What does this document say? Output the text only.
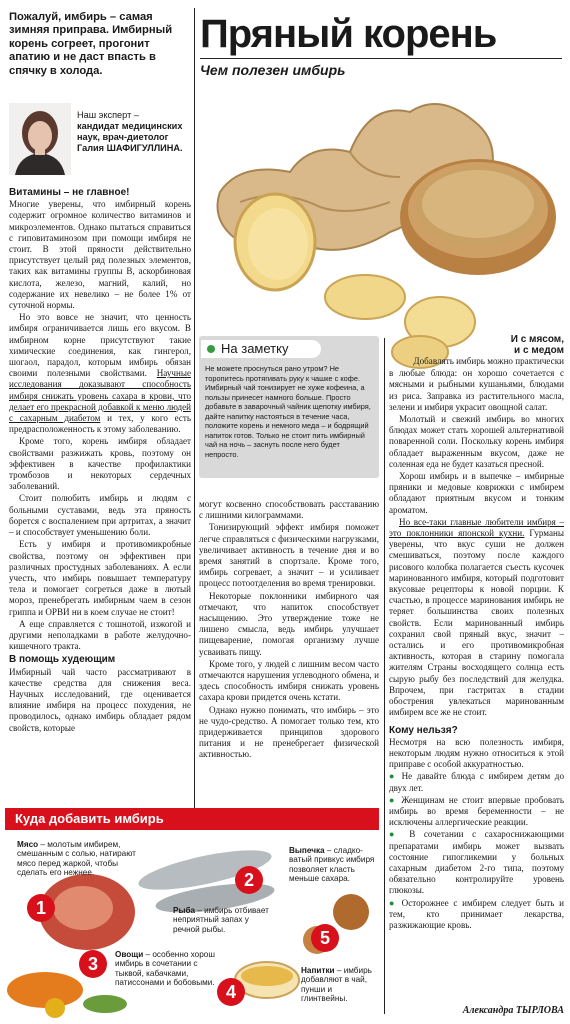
Пожалуй, имбирь – самая зимняя приправа. Имбирный корень согреет, прогонит апатию и не даст впасть в спячку в холода.
Пряный корень
Чем полезен имбирь
Наш эксперт –
кандидат медицинских наук, врач-диетолог
Галия ШАФИГУЛЛИНА.
Витамины – не главное!

Многие уверены, что имбирный корень содержит огромное количество витаминов и микроэлементов. Однако пытаться справиться с гиповитаминозом при помощи имбиря не стоит. В этой пряности действительно присутствует целый ряд полезных элементов, таких как витамины группы B, аскорбиновая кислота, железо, магний, калий, но содержание их невелико – не более 1% от суточной нормы.

Но это вовсе не значит, что ценность имбиря ограничивается лишь его вкусом. В имбирном корне присутствуют такие химические соединения, как гингерол, шогаол, парадол, которым имбирь обязан своими полезными свойствами. Научные исследования доказывают способность имбиря снижать уровень сахара в крови, что делает его прекрасной добавкой к меню людей с сахарным диабетом и тех, у кого есть предрасположенность к этому заболеванию.

Кроме того, корень имбиря обладает свойствами разжижать кровь, поэтому он эффективен в качестве профилактики тромбозов и некоторых сердечных заболеваний.

Стоит полюбить имбирь и людям с больными суставами, ведь эта пряность борется с воспалением при артритах, а значит – и способствует уменьшению боли.

Есть у имбиря и противомикробные свойства, поэтому он эффективен при различных простудных заболеваниях. А если учесть, что имбирь повышает температуру тела и помогает согреться даже в лютый мороз, пренебрегать имбирным чаем в сезон гриппа и ОРВИ ни в коем случае не стоит!

А еще справляется с тошнотой, изжогой и другими неполадками в работе желудочно-кишечного тракта.

В помощь худеющим

Имбирный чай часто рассматривают в качестве средства для снижения веса. Научных исследований, где оценивается влияние имбиря на процесс похудения, не проводилось, однако имбирь обладает рядом свойств, которые

На заметку
Не можете проснуться рано утром? Не торопитесь протягивать руку к чашке с кофе. Имбирный чай тонизирует не хуже кофеина, а пользы принесет намного больше. Просто добавьте в заварочный чайник щепотку имбиря, дайте напитку настояться в течение часа, положите корень и немного меда – и бодрящий напиток готов. Только не стоит пить имбирный чай на ночь – заснуть после него будет непросто.

могут косвенно способствовать расставанию с лишними килограммами.

Тонизирующий эффект имбиря поможет легче справляться с физическими нагрузками, увеличивает активность в течение дня и во время занятий в спортзале. Кроме того, имбирь согревает, а значит – и усиливает процесс потоотделения во время тренировки.

Некоторые поклонники имбирного чая отмечают, что напиток способствует насыщению. Это утверждение тоже не лишено смысла, ведь имбирь улучшает пищеварение, помогая организму лучше усваивать пищу.

Кроме того, у людей с лишним весом часто отмечаются нарушения углеводного обмена, и здесь способность имбиря снижать уровень сахара крови придется очень кстати.

Однако нужно понимать, что имбирь – это не чудо-средство. А помогает только тем, кто придерживается принципов здорового питания и не пренебрегает физической активностью.

И с мясом,
и с медом

Добавлять имбирь можно практически

в любые блюда: он хорошо сочетается с мясными и рыбными кушаньями, блюдами из риса. Заправка из растительного масла, зелени и имбиря украсит овощной салат.

Молотый и свежий имбирь во многих блюдах может стать хорошей альтернативой поваренной соли. Поскольку корень имбиря обладает выраженным вкусом, даже не соленная еда не будет казаться пресной.

Хорош имбирь и в выпечке – имбирные пряники и медовые коврижки с имбирем обладают приятным вкусом и тонким ароматом.

Но все-таки главные любители имбиря – это поклонники японской кухни. Гурманы уверены, что вкус суши не должен смешиваться, поэтому после каждого рисового колобка полагается съесть кусочек маринованного имбиря, который подготовит вкусовые рецепторы к новой порции. К счастью, в процессе маринования имбирь не теряет большинства своих полезных свойств. Если маринованный имбирь сохранил свой пряный вкус, значит – остались и его противомикробная активность, которая в старину помогала жителям Страны восходящего солнца есть сырую рыбу без последствий для желудка. Впрочем, при гастритах в стадии обострения увлекаться маринованным имбирем все же не стоит.

Кому нельзя?

Несмотря на всю полезность имбиря, некоторым людям нужно относиться к этой приправе с особой аккуратностью.

● Не давайте блюда с имбирем детям до двух лет.

● Женщинам не стоит впервые пробовать имбирь во время беременности – не исключены аллергические реакции.

● В сочетании с сахароснижающими препаратами имбирь может вызвать состояние гипогликемии у больных сахарным диабетом 2-го типа, поэтому обязательно контролируйте уровень глюкозы.

● Осторожнее с имбирем следует быть и тем, кто принимает лекарства, разжижающие кровь.

Александра ТЫРЛОВА
Куда добавить имбирь
1
2
3
4
5
Мясо – молотым имбирем, смешанным с солью, натирают мясо перед жаркой, чтобы сделать его нежнее.
Рыба – имбирь отбивает неприятный запах у речной рыбы.
Выпечка – сладко-ватый привкус имбиря позволяет класть меньше сахара.
Овощи – особенно хорош имбирь в сочетании с тыквой, кабачками, патиссонами и бобовыми.
Напитки – имбирь добавляют в чай, пунши и глинтвейны.
